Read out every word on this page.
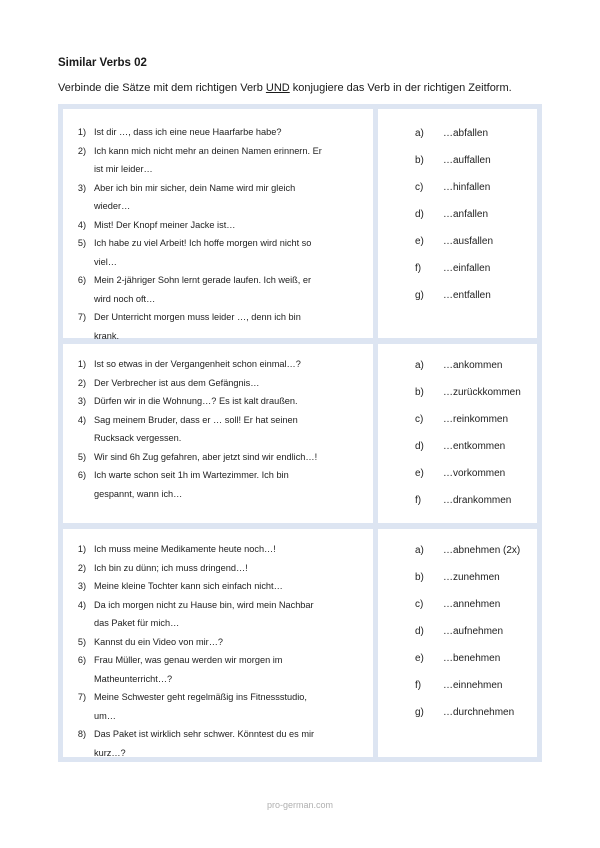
Similar Verbs 02
Verbinde die Sätze mit dem richtigen Verb UND konjugiere das Verb in der richtigen Zeitform.
1) Ist dir …, dass ich eine neue Haarfarbe habe?
2) Ich kann mich nicht mehr an deinen Namen erinnern. Er ist mir leider…
3) Aber ich bin mir sicher, dein Name wird mir gleich wieder…
4) Mist! Der Knopf meiner Jacke ist…
5) Ich habe zu viel Arbeit! Ich hoffe morgen wird nicht so viel…
6) Mein 2-jähriger Sohn lernt gerade laufen. Ich weiß, er wird noch oft…
7) Der Unterricht morgen muss leider …, denn ich bin krank.
a)	…abfallen
b)	…auffallen
c)	…hinfallen
d)	…anfallen
e)	…ausfallen
f)	…einfallen
g)	…entfallen
1) Ist so etwas in der Vergangenheit schon einmal…?
2) Der Verbrecher ist aus dem Gefängnis…
3) Dürfen wir in die Wohnung…? Es ist kalt draußen.
4) Sag meinem Bruder, dass er … soll! Er hat seinen Rucksack vergessen.
5) Wir sind 6h Zug gefahren, aber jetzt sind wir endlich…!
6) Ich warte schon seit 1h im Wartezimmer. Ich bin gespannt, wann ich…
a)	…ankommen
b)	…zurückkommen
c)	…reinkommen
d)	…entkommen
e)	…vorkommen
f)	…drankommen
1) Ich muss meine Medikamente heute noch…!
2) Ich bin zu dünn; ich muss dringend…!
3) Meine kleine Tochter kann sich einfach nicht…
4) Da ich morgen nicht zu Hause bin, wird mein Nachbar das Paket für mich…
5) Kannst du ein Video von mir…?
6) Frau Müller, was genau werden wir morgen im Matheunterricht…?
7) Meine Schwester geht regelmäßig ins Fitnessstudio, um…
8) Das Paket ist wirklich sehr schwer. Könntest du es mir kurz…?
a)	…abnehmen (2x)
b)	…zunehmen
c)	…annehmen
d)	…aufnehmen
e)	…benehmen
f)	…einnehmen
g)	…durchnehmen
pro-german.com
